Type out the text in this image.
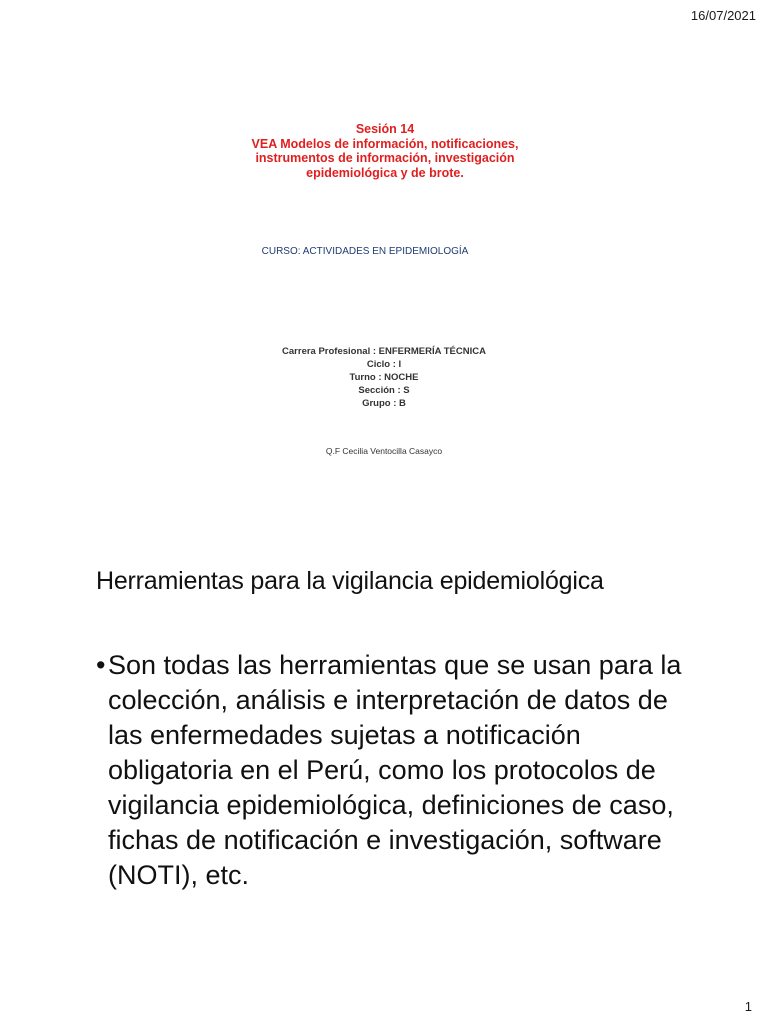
16/07/2021
Sesión 14
VEA Modelos de información, notificaciones,
instrumentos de información, investigación
epidemiológica y de brote.
CURSO: ACTIVIDADES EN EPIDEMIOLOGÍA
Carrera Profesional : ENFERMERÍA TÉCNICA
Ciclo : I
Turno : NOCHE
Sección : S
Grupo : B
Q.F Cecilia Ventocilla Casayco
Herramientas para la vigilancia epidemiológica
• Son todas las herramientas que se usan para la colección, análisis e interpretación de datos de las enfermedades sujetas a notificación obligatoria en el Perú, como los protocolos de vigilancia epidemiológica, definiciones de caso, fichas de notificación e investigación, software (NOTI), etc.
1
